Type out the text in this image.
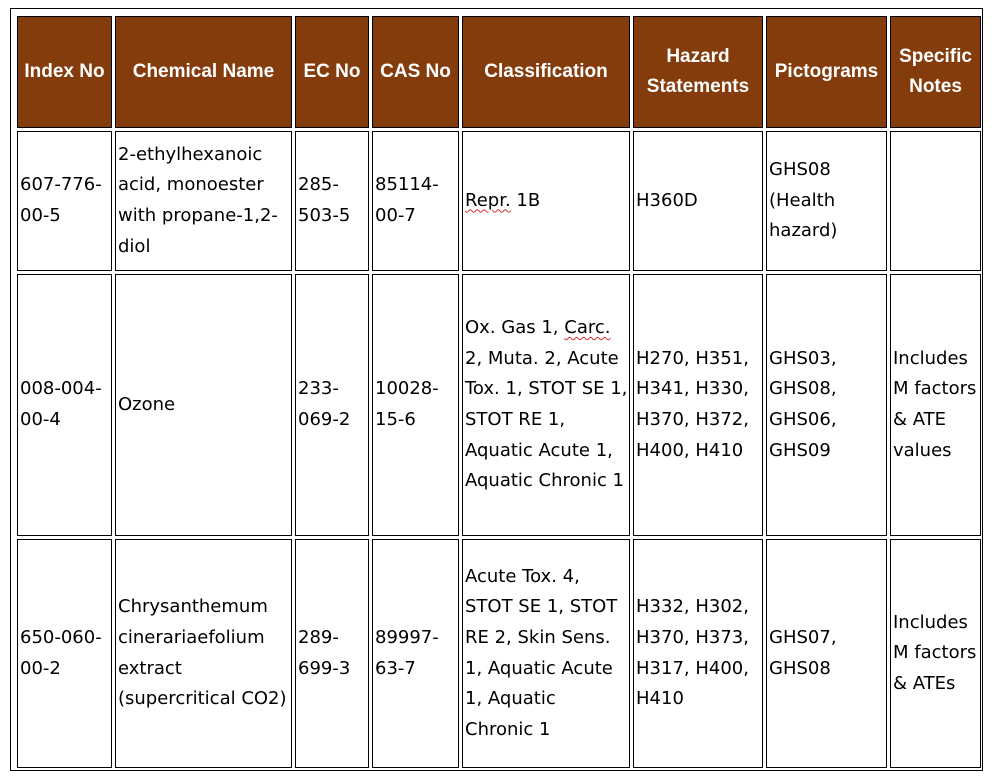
Index No	Chemical Name	EC No	CAS No	Classification	Hazard Statements	Pictograms	Specific Notes
607-776-00-5	2-ethylhexanoic acid, monoester with propane-1,2-diol	285-503-5	85114-00-7	Repr. 1B	H360D	GHS08 (Health hazard)	
008-004-00-4	Ozone	233-069-2	10028-15-6	Ox. Gas 1, Carc. 2, Muta. 2, Acute Tox. 1, STOT SE 1, STOT RE 1, Aquatic Acute 1, Aquatic Chronic 1	H270, H351, H341, H330, H370, H372, H400, H410	GHS03, GHS08, GHS06, GHS09	Includes M factors & ATE values
650-060-00-2	Chrysanthemum cinerariaefolium extract (supercritical CO2)	289-699-3	89997-63-7	Acute Tox. 4, STOT SE 1, STOT RE 2, Skin Sens. 1, Aquatic Acute 1, Aquatic Chronic 1	H332, H302, H370, H373, H317, H400, H410	GHS07, GHS08	Includes M factors & ATEs
